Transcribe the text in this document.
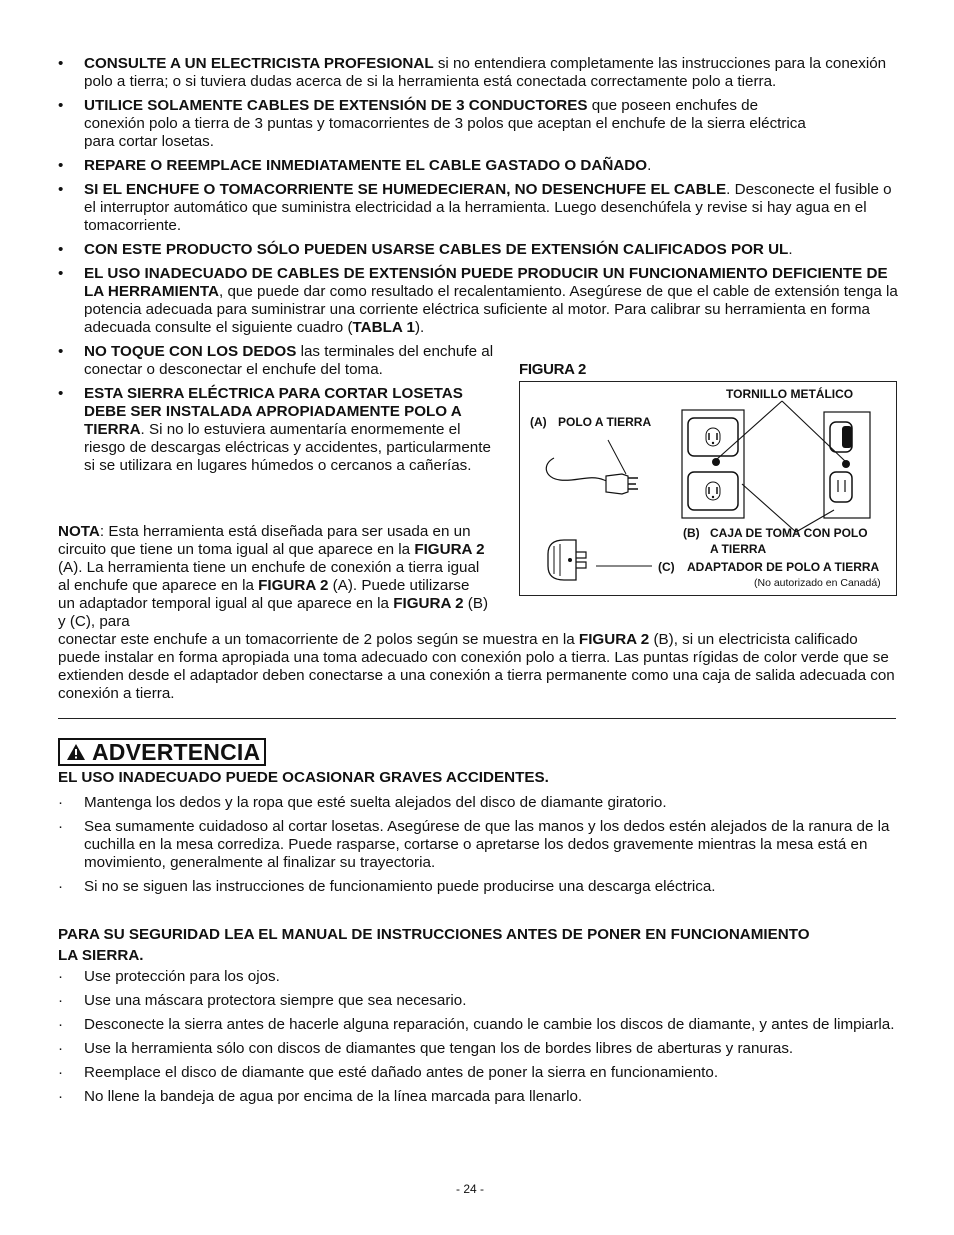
• CONSULTE A UN ELECTRICISTA PROFESIONAL si no entendiera completamente las instrucciones para la conexión polo a tierra; o si tuviera dudas acerca de si la herramienta está conectada correctamente polo a tierra.
• UTILICE SOLAMENTE CABLES DE EXTENSIÓN DE 3 CONDUCTORES que poseen enchufes de conexión polo a tierra de 3 puntas y tomacorrientes de 3 polos que aceptan el enchufe de la sierra eléctrica para cortar losetas.
• REPARE O REEMPLACE INMEDIATAMENTE EL CABLE GASTADO O DAÑADO.
• SI EL ENCHUFE O TOMACORRIENTE SE HUMEDECIERAN, NO DESENCHUFE EL CABLE. Desconecte el fusible o el interruptor automático que suministra electricidad a la herramienta. Luego desenchúfela y revise si hay agua en el tomacorriente.
• CON ESTE PRODUCTO SÓLO PUEDEN USARSE CABLES DE EXTENSIÓN CALIFICADOS POR UL.
• EL USO INADECUADO DE CABLES DE EXTENSIÓN PUEDE PRODUCIR UN FUNCIONAMIENTO DEFICIENTE DE LA HERRAMIENTA, que puede dar como resultado el recalentamiento. Asegúrese de que el cable de extensión tenga la potencia adecuada para suministrar una corriente eléctrica suficiente al motor. Para calibrar su herramienta en forma adecuada consulte el siguiente cuadro (TABLA 1).
• NO TOQUE CON LOS DEDOS las terminales del enchufe al conectar o desconectar el enchufe del toma.
• ESTA SIERRA ELÉCTRICA PARA CORTAR LOSETAS DEBE SER INSTALADA APROPIADAMENTE POLO A TIERRA. Si no lo estuviera aumentaría enormemente el riesgo de descargas eléctricas y accidentes, particularmente si se utilizara en lugares húmedos o cercanos a cañerías.
NOTA: Esta herramienta está diseñada para ser usada en un circuito que tiene un toma igual al que aparece en la FIGURA 2 (A). La herramienta tiene un enchufe de conexión a tierra igual al enchufe que aparece en la FIGURA 2 (A). Puede utilizarse un adaptador temporal igual al que aparece en la FIGURA 2 (B) y (C), para
conectar este enchufe a un tomacorriente de 2 polos según se muestra en la FIGURA 2 (B), si un electricista calificado puede instalar en forma apropiada una toma adecuado con conexión polo a tierra. Las puntas rígidas de color verde que se extienden desde el adaptador deben conectarse a una conexión a tierra permanente como una caja de salida adecuada con conexión a tierra.
FIGURA 2
TORNILLO METÁLICO
(A) POLO A TIERRA
(B) CAJA DE TOMA CON POLO
A TIERRA
(C) ADAPTADOR DE POLO A TIERRA
(No autorizado en Canadá)
ADVERTENCIA
EL USO INADECUADO PUEDE OCASIONAR GRAVES ACCIDENTES.
· Mantenga los dedos y la ropa que esté suelta alejados del disco de diamante giratorio.
· Sea sumamente cuidadoso al cortar losetas. Asegúrese de que las manos y los dedos estén alejados de la ranura de la cuchilla en la mesa corrediza. Puede rasparse, cortarse o apretarse los dedos gravemente mientras la mesa está en movimiento, generalmente al finalizar su trayectoria.
· Si no se siguen las instrucciones de funcionamiento puede producirse una descarga eléctrica.
PARA SU SEGURIDAD LEA EL MANUAL DE INSTRUCCIONES ANTES DE PONER EN FUNCIONAMIENTO
LA SIERRA.
· Use protección para los ojos.
· Use una máscara protectora siempre que sea necesario.
· Desconecte la sierra antes de hacerle alguna reparación, cuando le cambie los discos de diamante, y antes de limpiarla.
· Use la herramienta sólo con discos de diamantes que tengan los de bordes libres de aberturas y ranuras.
· Reemplace el disco de diamante que esté dañado antes de poner la sierra en funcionamiento.
· No llene la bandeja de agua por encima de la línea marcada para llenarlo.
- 24 -
